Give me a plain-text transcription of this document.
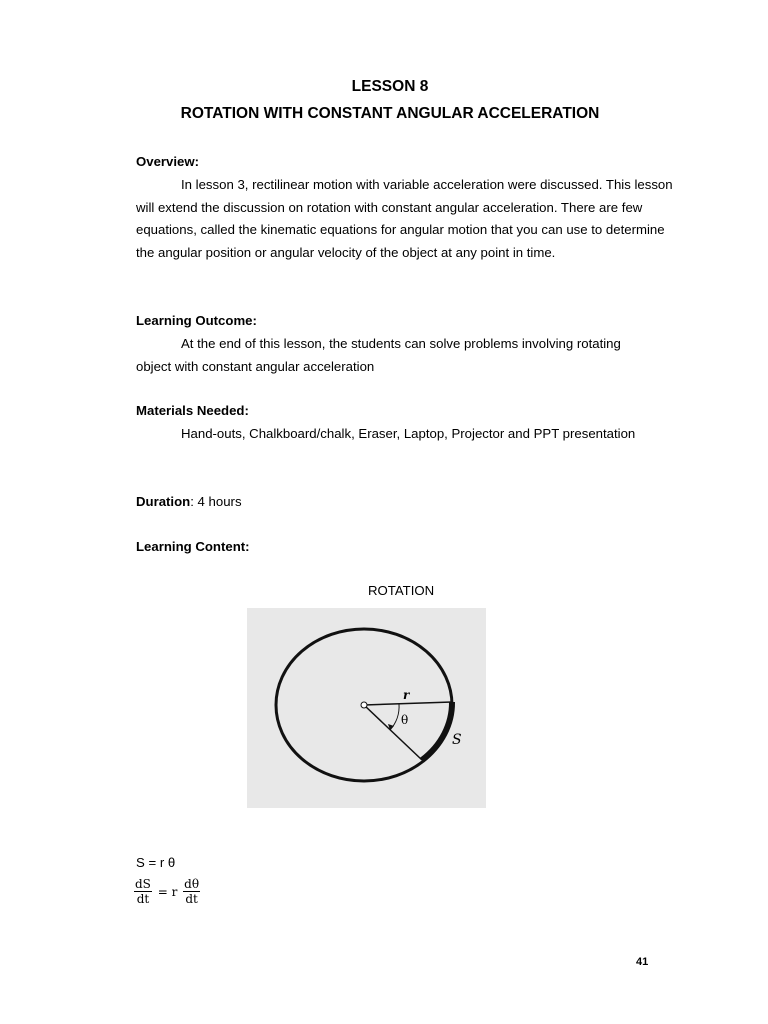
LESSON 8
ROTATION WITH CONSTANT ANGULAR ACCELERATION
Overview:
In lesson 3, rectilinear motion with variable acceleration were discussed. This lesson will extend the discussion on rotation with constant angular acceleration. There are few equations, called the kinematic equations for angular motion that you can use to determine the angular position or angular velocity of the object at any point in time.
Learning Outcome:
At the end of this lesson, the students can solve problems involving rotating object with constant angular acceleration
Materials Needed:
Hand-outs, Chalkboard/chalk, Eraser, Laptop, Projector and PPT presentation
Duration: 4 hours
Learning Content:
ROTATION
r
θ
S
S = r θ
$\frac{dS}{dt} = r \frac{d\theta}{dt}$
41
